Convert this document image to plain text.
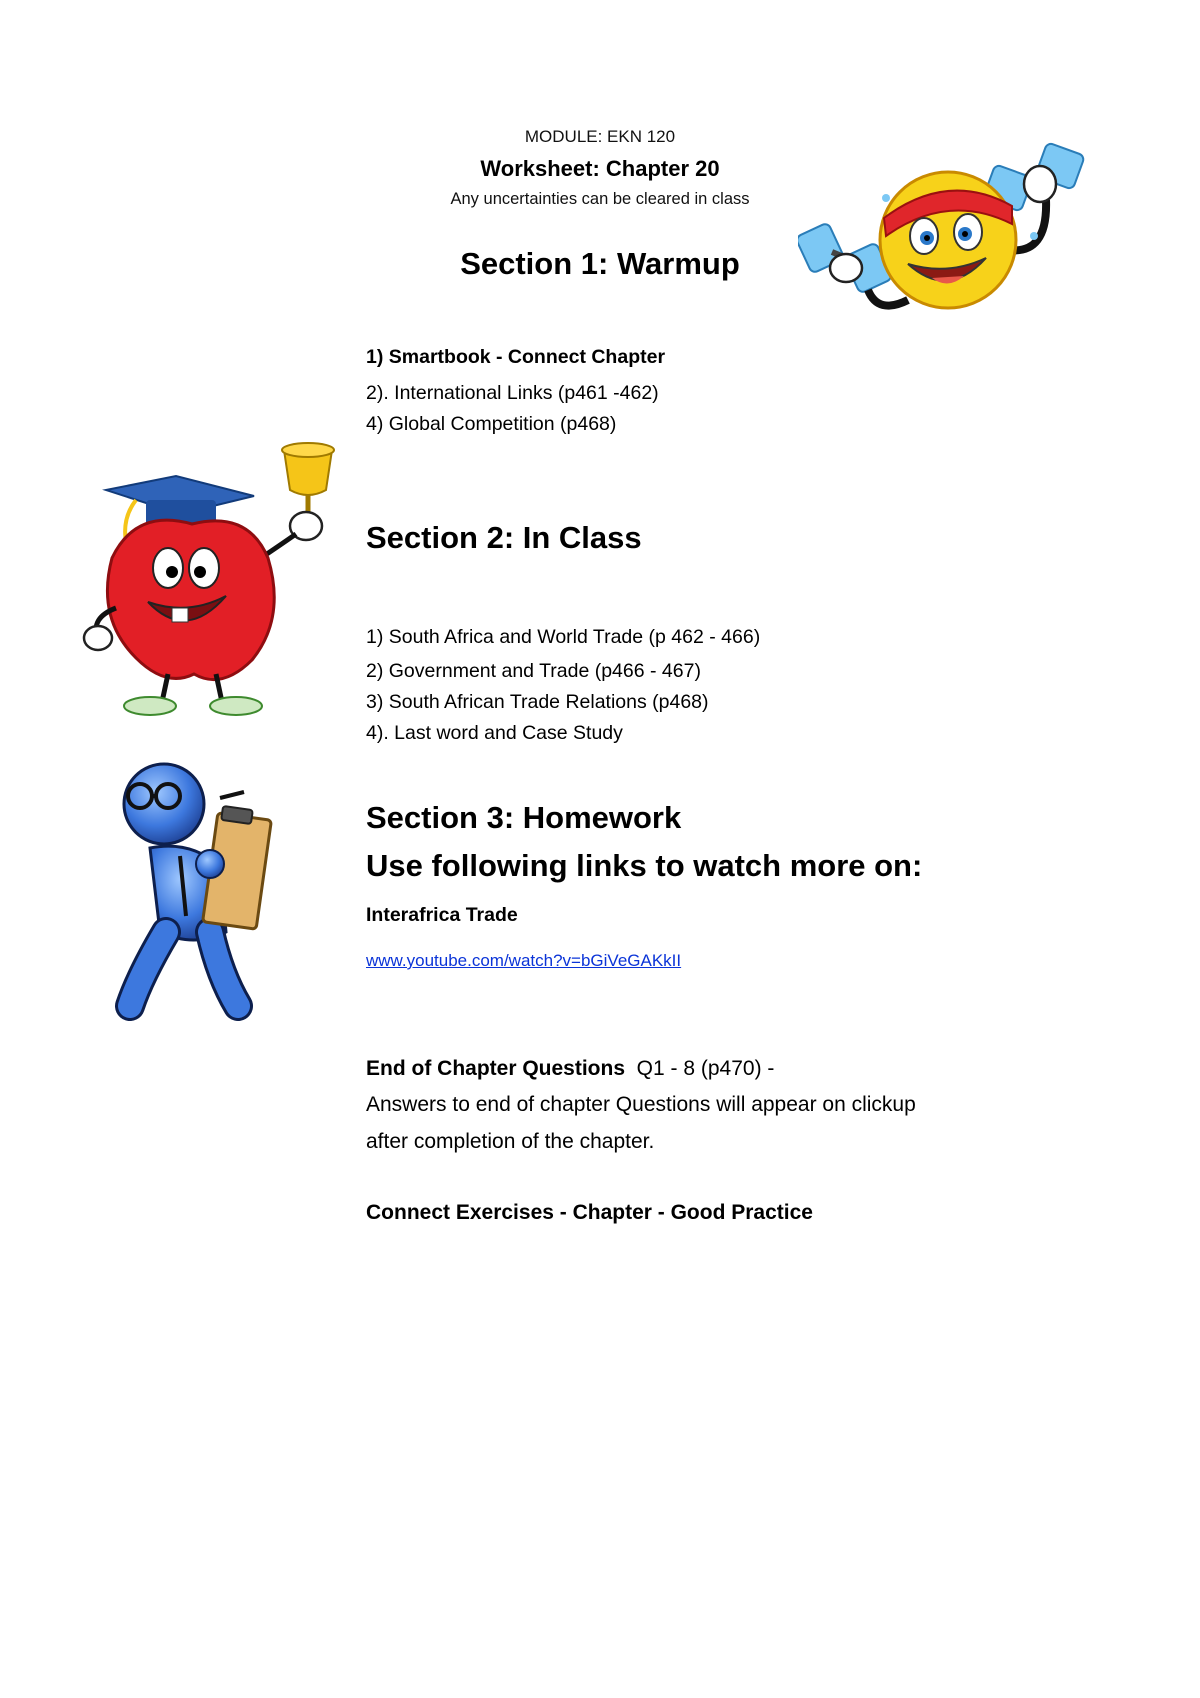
MODULE: EKN 120
Worksheet: Chapter 20
Any uncertainties can be cleared in class
Section 1: Warmup
1) Smartbook - Connect Chapter
2). International Links (p461 -462)
4) Global Competition (p468)
Section 2: In Class
1) South Africa and World Trade (p 462 - 466)
2) Government and Trade (p466 - 467)
3) South African Trade Relations (p468)
4). Last word and Case Study
Section 3: Homework
Use following links to watch more on:
Interafrica Trade
www.youtube.com/watch?v=bGiVeGAKkII
End of Chapter Questions  Q1 - 8 (p470) -
Answers to end of chapter Questions will appear on clickup
after completion of the chapter.
Connect Exercises - Chapter - Good Practice
